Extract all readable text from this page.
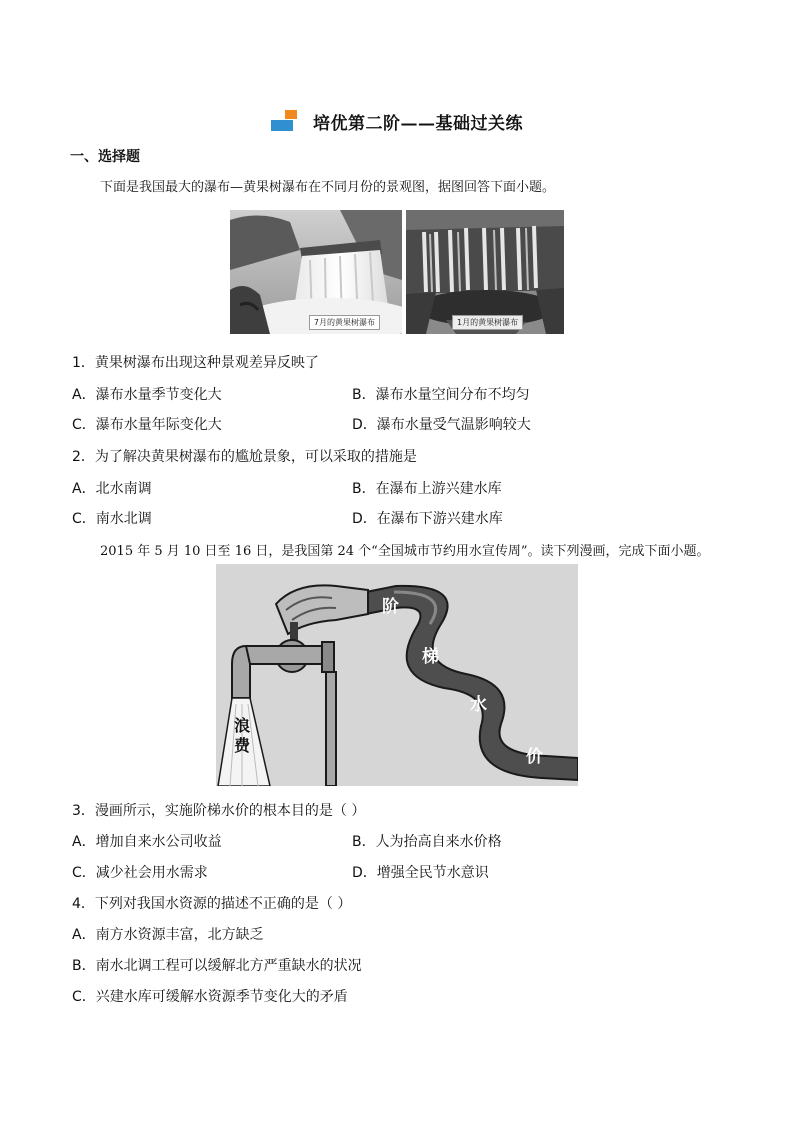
培优第二阶——基础过关练
一、选择题
下面是我国最大的瀑布—黄果树瀑布在不同月份的景观图，据图回答下面小题。
7月的黄果树瀑布	1月的黄果树瀑布
1．黄果树瀑布出现这种景观差异反映了
A．瀑布水量季节变化大	B．瀑布水量空间分布不均匀
C．瀑布水量年际变化大	D．瀑布水量受气温影响较大
2．为了解决黄果树瀑布的尴尬景象，可以采取的措施是
A．北水南调	B．在瀑布上游兴建水库
C．南水北调	D．在瀑布下游兴建水库
2015 年 5 月 10 日至 16 日，是我国第 24 个“全国城市节约用水宣传周”。读下列漫画，完成下面小题。
阶
梯
水
价
浪费
3．漫画所示，实施阶梯水价的根本目的是（ ）
A．增加自来水公司收益	B．人为抬高自来水价格
C．减少社会用水需求	D．增强全民节水意识
4．下列对我国水资源的描述不正确的是（ ）
A．南方水资源丰富，北方缺乏
B．南水北调工程可以缓解北方严重缺水的状况
C．兴建水库可缓解水资源季节变化大的矛盾
